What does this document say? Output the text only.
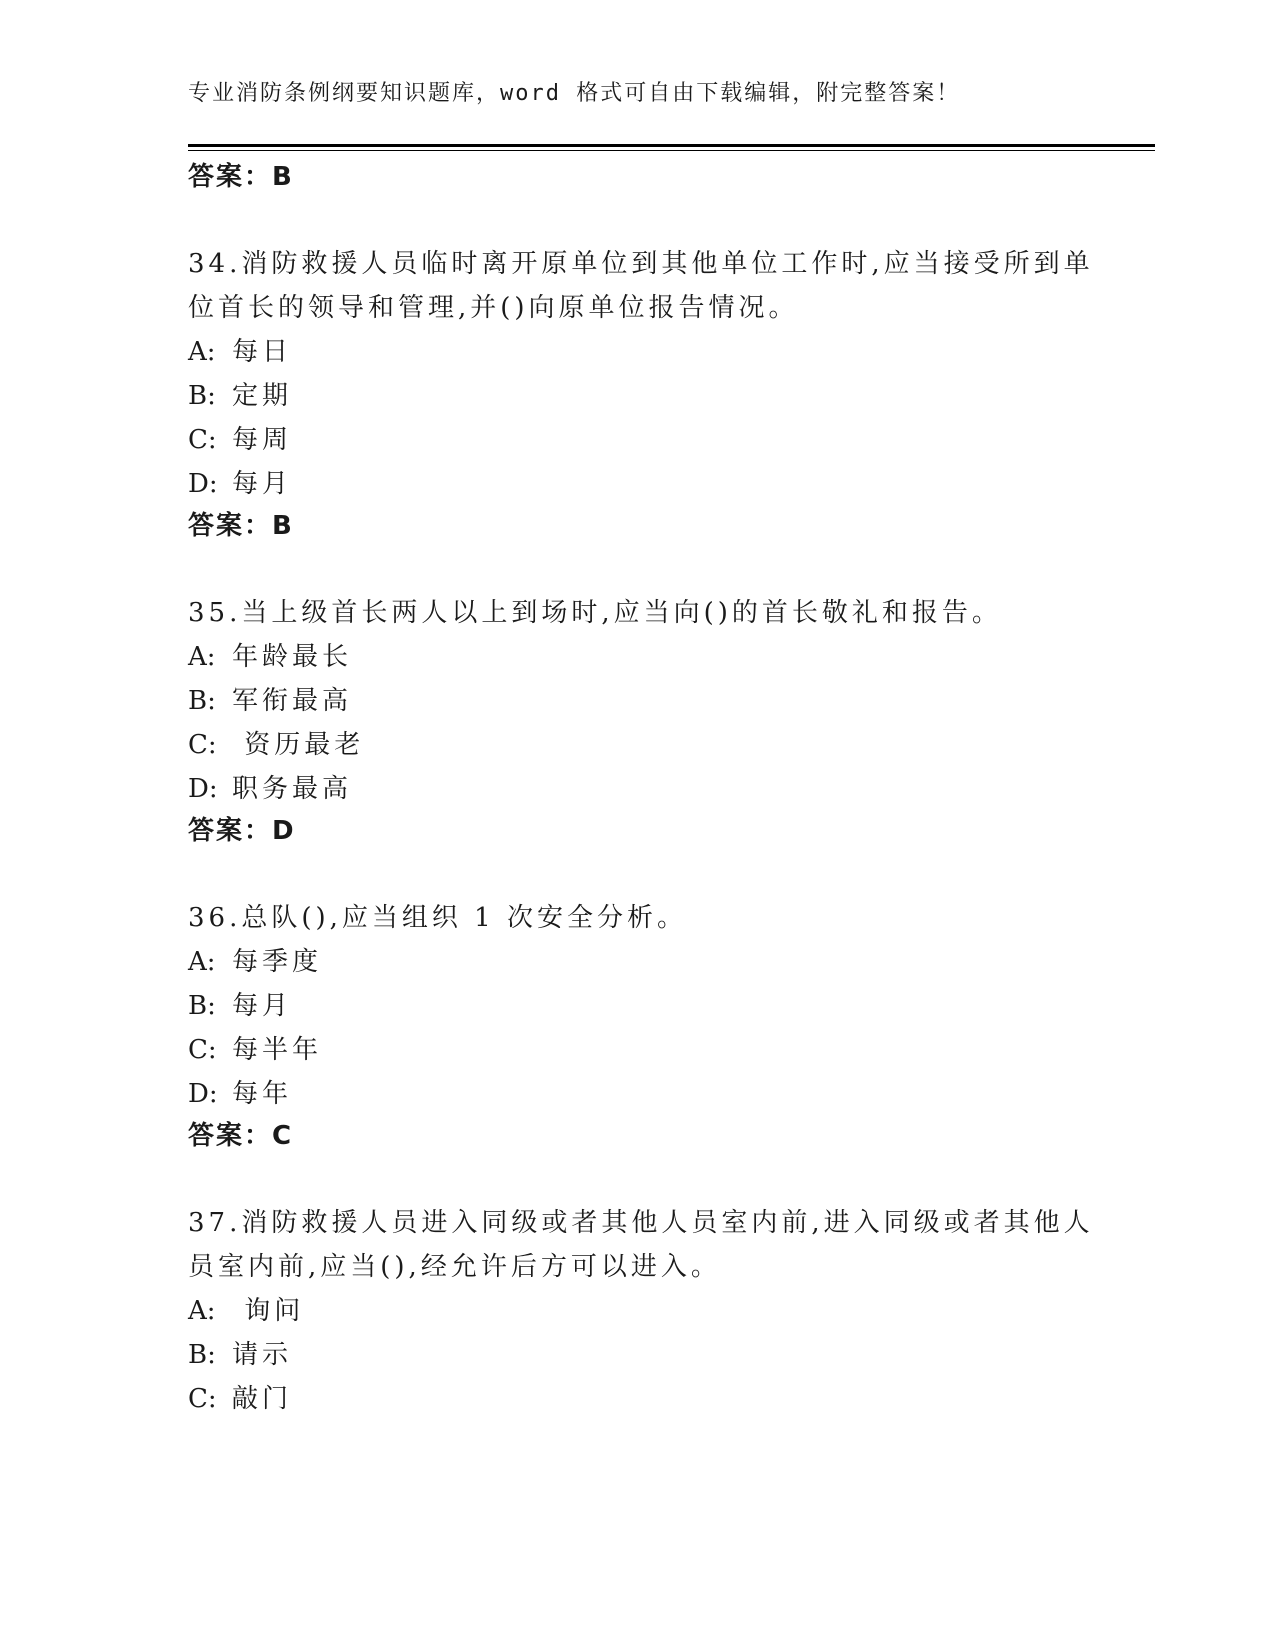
专业消防条例纲要知识题库，word 格式可自由下载编辑，附完整答案！
答案：B
34.消防救援人员临时离开原单位到其他单位工作时,应当接受所到单
位首长的领导和管理,并()向原单位报告情况。
A: 每日
B: 定期
C: 每周
D: 每月
答案：B
35.当上级首长两人以上到场时,应当向()的首长敬礼和报告。
A: 年龄最长
B: 军衔最高
C: 资历最老
D: 职务最高
答案：D
36.总队(),应当组织 1 次安全分析。
A: 每季度
B: 每月
C: 每半年
D: 每年
答案：C
37.消防救援人员进入同级或者其他人员室内前,进入同级或者其他人
员室内前,应当(),经允许后方可以进入。
A: 询问
B: 请示
C: 敲门
